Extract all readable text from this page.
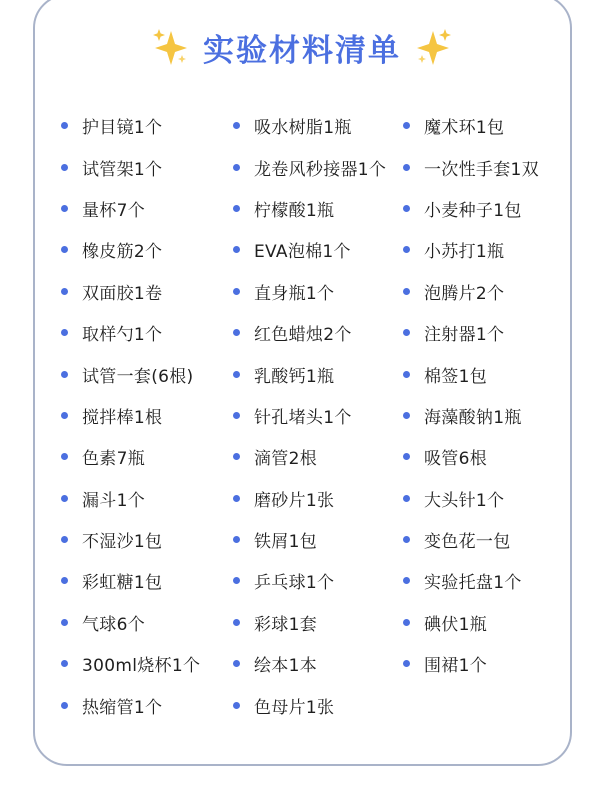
实验材料清单
护目镜1个
试管架1个
量杯7个
橡皮筋2个
双面胶1卷
取样勺1个
试管一套(6根)
搅拌棒1根
色素7瓶
漏斗1个
不湿沙1包
彩虹糖1包
气球6个
300ml烧杯1个
热缩管1个
吸水树脂1瓶
龙卷风秒接器1个
柠檬酸1瓶
EVA泡棉1个
直身瓶1个
红色蜡烛2个
乳酸钙1瓶
针孔堵头1个
滴管2根
磨砂片1张
铁屑1包
乒乓球1个
彩球1套
绘本1本
色母片1张
魔术环1包
一次性手套1双
小麦种子1包
小苏打1瓶
泡腾片2个
注射器1个
棉签1包
海藻酸钠1瓶
吸管6根
大头针1个
变色花一包
实验托盘1个
碘伏1瓶
围裙1个
